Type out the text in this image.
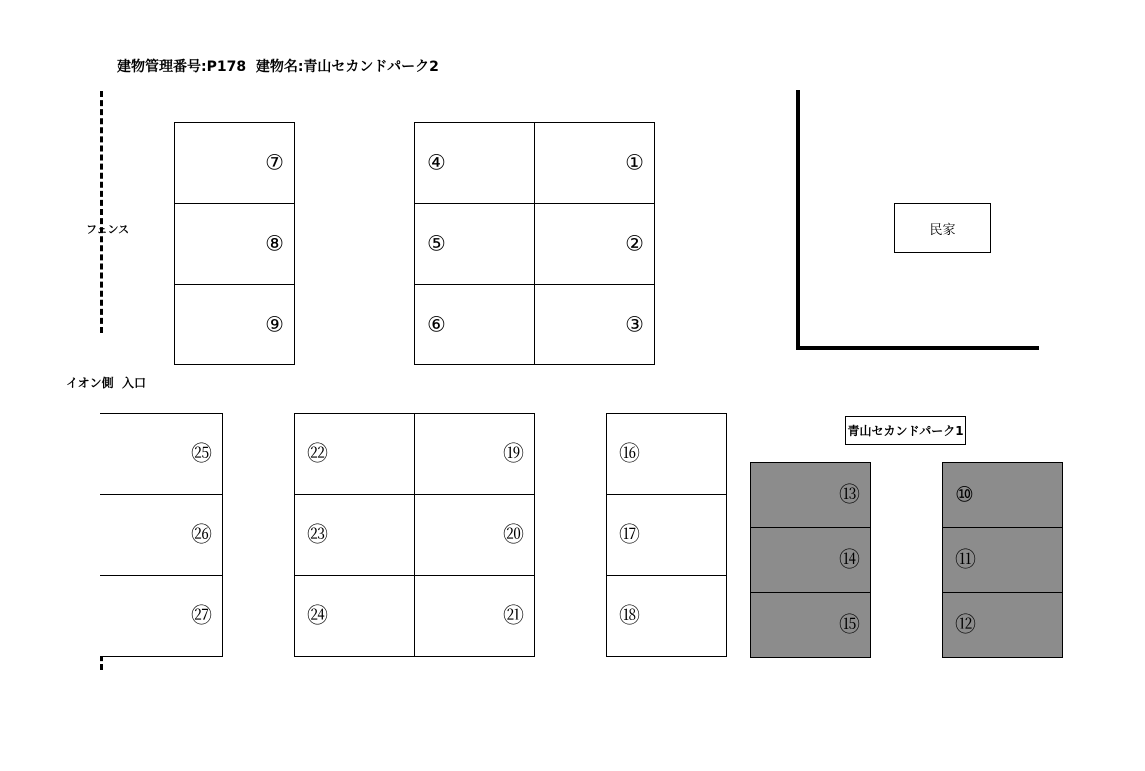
建物管理番号:P178  建物名:青山セカンドパーク2
フェンス
イオン側  入口
⑦
⑧
⑨
④
⑤
⑥
①
②
③
民家
㉕
㉖
㉗
㉒
㉓
㉔
⑲
⑳
㉑
⑯
⑰
⑱
青山セカンドパーク1
⑬
⑭
⑮
⑩
⑪
⑫
